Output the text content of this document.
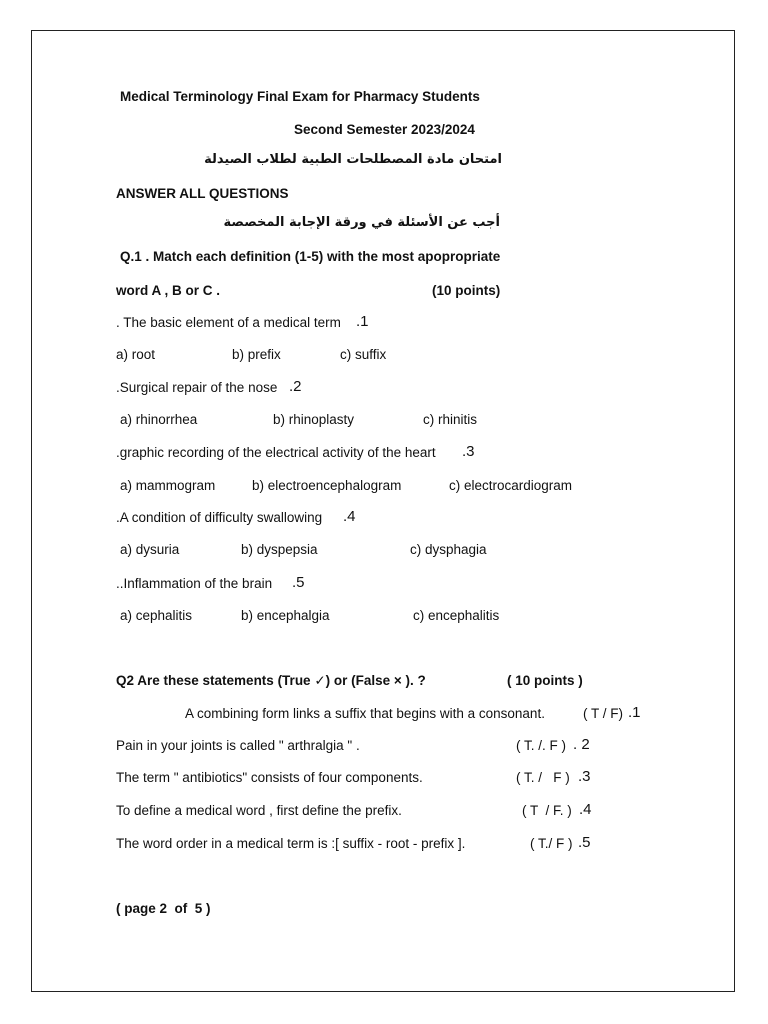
Medical Terminology Final Exam for Pharmacy Students
Second Semester 2023/2024
امتحان مادة المصطلحات الطبية لطلاب الصيدلة
ANSWER ALL QUESTIONS
أجب عن الأسئلة في ورقة الإجابة المخصصة
Q.1 . Match each definition (1-5) with the most apopropriate
word A , B or C .	(10 points)
. The basic element of a medical term .1
a) root	b) prefix	c) suffix
.Surgical repair of the nose .2
a) rhinorrhea	b) rhinoplasty	c) rhinitis
.graphic recording of the electrical activity of the heart .3
a) mammogram	b) electroencephalogram	c) electrocardiogram
.A condition of difficulty swallowing .4
a) dysuria	b) dyspepsia	c) dysphagia
..Inflammation of the brain .5
a) cephalitis	b) encephalgia	c) encephalitis
Q2 Are these statements (True ✓) or (False × ). ?	( 10 points )
A combining form links a suffix that begins with a consonant.	( T / F) .1
Pain in your joints is called " arthralgia " .	( T. /. F ) . 2
The term " antibiotics" consists of four components.	( T. /   F ) .3
To define a medical word , first define the prefix.	( T  / F. ) .4
The word order in a medical term is :[ suffix - root - prefix ].	( T./ F ) .5
( page 2  of  5 )
